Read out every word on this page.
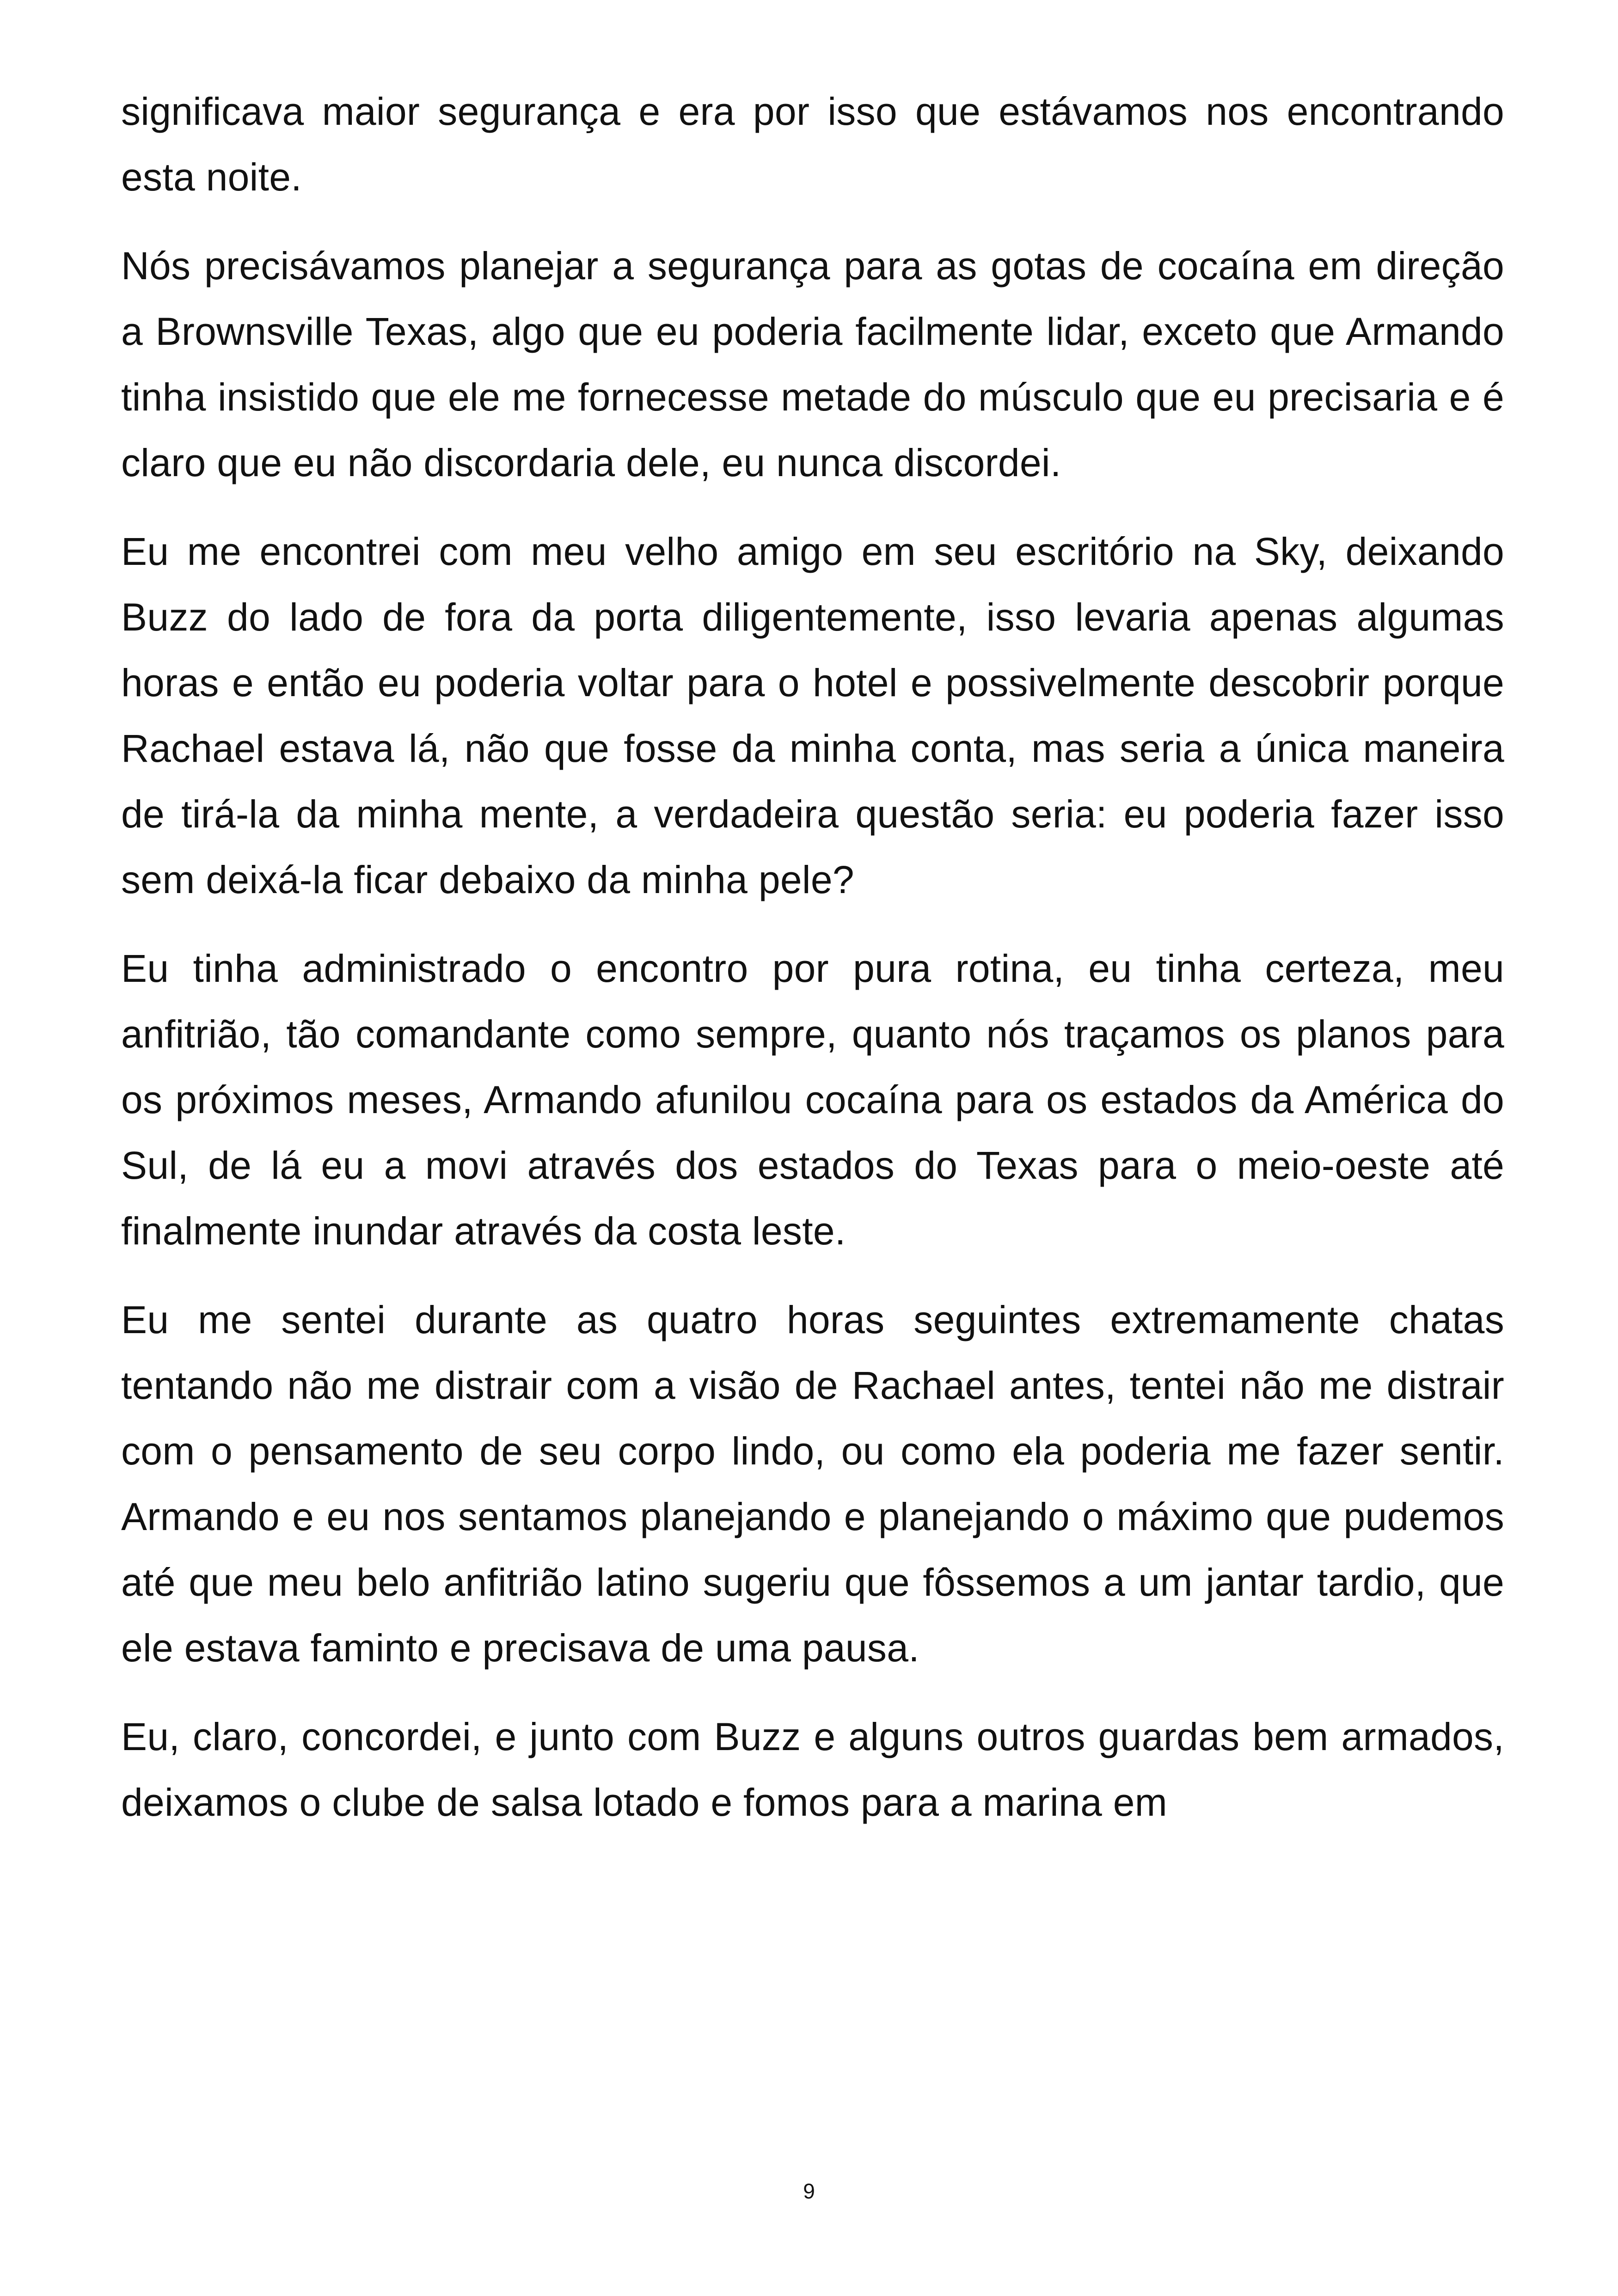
significava maior segurança e era por isso que estávamos nos encontrando esta noite.

Nós precisávamos planejar a segurança para as gotas de cocaína em direção a Brownsville Texas, algo que eu poderia facilmente lidar, exceto que Armando tinha insistido que ele me fornecesse metade do músculo que eu precisaria e é claro que eu não discordaria dele, eu nunca discordei.

Eu me encontrei com meu velho amigo em seu escritório na Sky, deixando Buzz do lado de fora da porta diligentemente, isso levaria apenas algumas horas e então eu poderia voltar para o hotel e possivelmente descobrir porque Rachael estava lá, não que fosse da minha conta, mas seria a única maneira de tirá-la da minha mente, a verdadeira questão seria: eu poderia fazer isso sem deixá-la ficar debaixo da minha pele?

Eu tinha administrado o encontro por pura rotina, eu tinha certeza, meu anfitrião, tão comandante como sempre, quanto nós traçamos os planos para os próximos meses, Armando afunilou cocaína para os estados da América do Sul, de lá eu a movi através dos estados do Texas para o meio-oeste até finalmente inundar através da costa leste.

Eu me sentei durante as quatro horas seguintes extremamente chatas tentando não me distrair com a visão de Rachael antes, tentei não me distrair com o pensamento de seu corpo lindo, ou como ela poderia me fazer sentir. Armando e eu nos sentamos planejando e planejando o máximo que pudemos até que meu belo anfitrião latino sugeriu que fôssemos a um jantar tardio, que ele estava faminto e precisava de uma pausa.

Eu, claro, concordei, e junto com Buzz e alguns outros guardas bem armados, deixamos o clube de salsa lotado e fomos para a marina em

9
